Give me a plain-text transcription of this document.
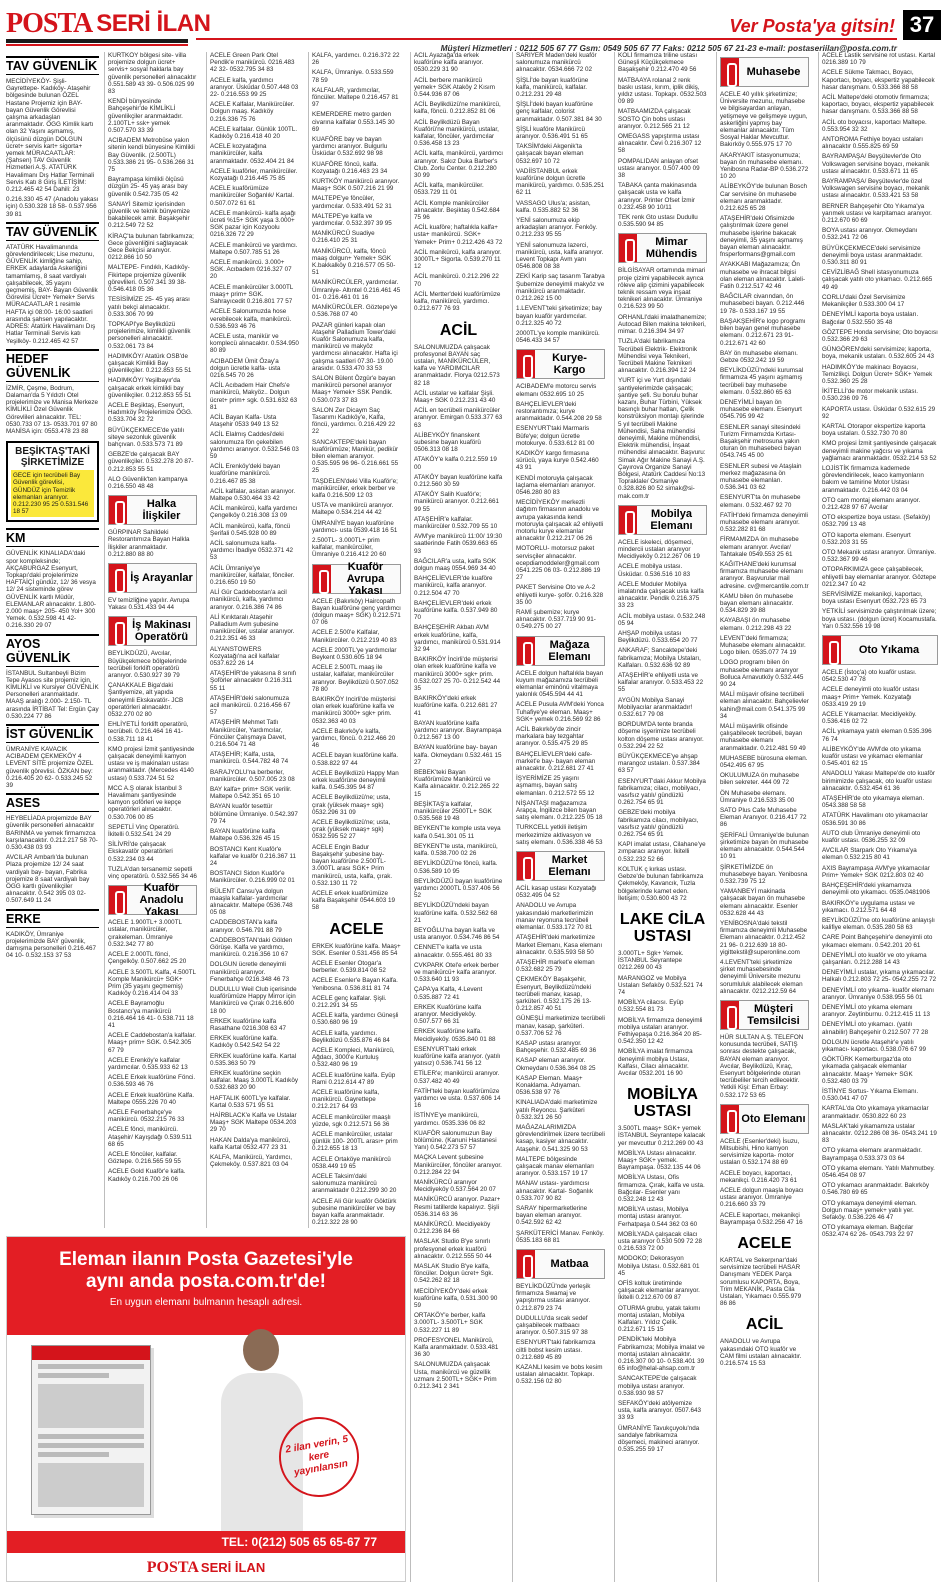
POSTA SERİ İLAN	Ver Posta'ya gitsin! 37
Müşteri Hizmetleri : 0212 505 67 77 Gsm: 0549 505 67 77 Faks: 0212 505 67 21-23 e-mail: postaseriilan@posta.com.tr
TAV GÜVENLİK
MECİDİYEKÖY- Şişli- Gayrettepe- Kadıköy- Ataşehir bölgesinde bulunan ÖZEL Hastane Projemiz için BAY- bayan Güvenlik Görevlisi çalışma arkadaşları aranmaktadır. ÖGG Kimlik kartı olan 32 Yaşını aşmamış, ölçüsünü düzgün DOLGUN ücret+ servis kart+ sigorta+ yemek MÜRACAATLAR: (Şahsen) TAV Güvenlik Hizmetleri A.Ş. ATATÜRK Havalimanı Dış Hatlar Terminali Servis Katı 8 Giriş İLETİŞİM: 0.212.465 42 54 Dahili: 23
0.216.330 45 47 (Anadolu yakası için) 0.530.328 18 58- 0.537.956 39 81
TAV GÜVENLİK
ATATÜRK Havalimanında görevlendirilecek; Lise mezunu, GÜVENLİK kimliğine sahip, ERKEK adaylarda Askerliğini tamamlamış, 8 saat vardiyalı çalışabilecek, 35 yaşını geçmemiş, BAY- Bayan Güvenlik Görevlisi Ücret+ Yemek+ Servis MÜRACAATLAR 1 resimle HAFTA içi 08:00- 16:00 saatleri arasında şahsen yapılacaktır. ADRES: Atatürk Havalimanı Dış Hatlar Terminali Servis katı Yeşilköy- 0.212.465 42 57
HEDEF GÜVENLİK
İZMİR, Çeşme, Bodrum, Dalaman'da 5 Yıldızlı Otel projelerimize ve Manisa Merkeze KİMLİKLİ Özel Güvenlik Görevlileri alınacaktır. TEL: 0530.733 07 13- 0533.701 97 80 MANİSA için: 0553.478 23 88
BEŞİKTAŞ'TAKİ ŞİRKETİMİZE
GECE için tecrübeli Bay Güvenlik görevlisi, GÜNDÜZ için Temizlik elemanları aranıyor. 0.212.230 95 25 0.531.546 18 57
KM
GÜVENLİK KINALIADA'daki spor kompleksinde; AKÇABURGAZ Esenyurt, Topkapı'daki projelerimize HAFTAİÇİ gündüz, 12/ 36 vesya 12/ 24 sisteminde görev GÜVENLİK kartlı Müdür, ELEMANLAR alınacaktır. 1.800- 2.000 maaş+ 205- 450 Yol+ 300 Yemek. 0.532.598 41 42- 0.216.330 29 07
AYOS GÜVENLİK
İSTANBUL Sultanbeyli Bizim Tepe Ayasos site projemiz için, KİMLİKLİ ve Kursiyer GÜVENLİK Personelleri aranmaktadır. MAAŞ aralığı 2.000- 2.150- TL arasında İRTİBAT Tel: Ergün Çay 0.530.224 77 86
İST GÜVENLİK
ÜMRANİYE KAVACIK ACIBADEM ÇEKMEKÖY 4 LEVENT SİTE projemize ÖZEL güvenlik görevlisi. ÖZKAN bey: 0.216.405 20 62- 0.533.245 52 39
ASES
HEYBELİADA projemizde BAY güvenlik personelleri alınacaktır BARINMA ve yemek firmamızca karşılanacaktır. 0.212.217 58 70- 0.530.438 03 93
AVCILAR Ambarlı'da bulunan Plaza projemize 12/ 24 saat vardiyalı bay- bayan, Fabrika projemize 8 saat vardiyalı bay ÖGG kartlı güvenlikçiler alınacaktır. 0.542 395 03 02- 0.507.649 11 24
ERKE
KADIKÖY, Ümraniye projelerimizde BAY güvenlik, damışma personelleri 0.216.467 04 10- 0.532.153 37 53
KURTKÖY bölgesi site- villa projemize dolgun ücret+ servis+ sosyal haklarla bay güvenlik personelleri alınacaktır 0.551.589 43 39- 0.506.025 99 83
KENDİ bünyesinde Bahçeşehir'de KİMLİKLİ güvenlikçiler aranmaktadır. 2.100TL+ ssk+ yemek 0.507.570 33 39
ACIBADEM Metrobüse yakın sitenin kendi bünyesine Kimlikli Bay Güvenlik. (2.500TL) 0.533.386 21 95- 0.536.266 31 75
Bayrampaşa kimlikli ölçüsü düzgün 25- 45 yaş arası bay güvenlik 0.542.735 05 42
SANAYİ Sitemiz içerisinden güvenlik ve teknik bünyemize bakabilecek amir. Başakşehir 0.212.549 72 52
KİRAÇ'ta bulunan fabrikamıza; Gece güvenliğini sağlayacak Gece Bekçisi aranıyor. 0212.866 10 50
MALTEPE- Fındıklı, Kadıköy- Fikirtepe projemize güvenlik görevlileri. 0.507.341 39 38- 0.546.418 05 36
TESİSİMİZE 25- 45 yaş arası yatılı bekçi alınacaktır. 0.533.306 70 99
TOPKAPI'ye Beylikdüzü projelerimize, kimlikli güvenlik personelleri alınacaktır. 0.532.061 73 84
HADIMKÖY/ Atatürk OSB'de çalışacak Kimlikli Bay güvenlikçiler. 0.212.853 55 51
HADIMKÖY/ Yeşilbayır'da çalışacak erkek kimlikli bay güvenlikçiler. 0.212.853 55 51
ACELE Beşiktaş, Esenyurt, Hadımköy Projelerimize ÖGG. 0.533.704 32 72
BÜYÜKÇEKMECE'de yatılı siteye sezonluk güvenlik bahçıvan. 0.533.573 71 89
GEBZE'de çalışacak BAY güvenlikçiler. 0.532.278 20 87- 0.212.853 55 51
ALO Güvenlik'ten kampanya 0.216.550 48 48
Halka İlişkiler
GÜRPINAR Sahildeki Restorantımıza Bayan Halkla İlişkiler aranmaktadır. 0.212.880 88 80
İş Arayanlar
EV temizliğine yapılır. Avrupa Yakası 0.531.433 94 44
İş Makinası Operatörü
BEYLİKDÜZÜ, Avcılar, Büyükçekmece bölgelerinde tecrübeli forklift operatörü aranıyor. 0.530.927 39 79
ÇANAKKALE Biga'daki Şantiyemize, alt yapıda deneyimli Ekskavatör- JCB operatörleri alınacaktır. 0532.270 02 80
EHLİYETLİ forklift operatörü, tecrübeli. 0.216.464 16 41- 0.538.711 18 41
KMO projesi İzmit şantiyesinde çalışacak deneyimli kamyon ustası ve iş makinaları ustası aranmaktadır. (Mercedes 4140 ustası) 0.533.724 51 52
MCC A.Ş olarak İstanbul 3 Havalimanı şantiyesinde kamyon şoförleri ve kepçe operatörleri alınacaktır. 0.530.706 00 85
SEPETLİ Vinç Operatörü. İkitelli 0.532.541 24 29
SİLİVRİ'de çalışacak Ekskavatör operatörleri 0.532.234 03 44
TUZLA'dan tersanemiz sepetli vinç operatörü. 0.532.565 34 46
Kuaför Anadolu Yakası
ACELE 1.900TL+ 3.000TL ustalar, manikürcüler, çırakeleman. Ümraniye 0.532.342 77 80
ACELE 2.000TL fönci, Çengelköy. 0.507.662 25 20
ACELE 3.500TL Kalfa, 4.500TL Komple Manikürcü+ SGK+ Prim (35 yaşını geçmemiş) Kadıköy 0.216.414 04 33
ACELE Bayramoğlu Bostancı'ya manikürcü 0.216.464 16 41- 0.538.711 18 41
ACELE Caddebostan'a kalfalar. Maaş+ prim+ SGK. 0.542.305 67 79
ACELE Erenköy'e kalfalar yardımcılar. 0.535.933 62 13
ACELE Erkek kuaförüne Fönci. 0.536.593 46 76
ACELE Erkek kuaförüne Kalfa. Maltepe 0555.226 70 40
ACELE Fenerbahçe'ye manikürcü. 0532.215 76 33
ACELE fönci, manikürcü. Ataşehir/ Kayışdağı 0.539.511 68 65
ACELE föncüler, kalfalar. Göztepe. 0.216.565 59 55
ACELE Gold Kuaför'e kalfa. Kadıköy 0.216.700 26 06
ACELE Green Park Otel Pendik'e manikürcü. 0216.483 42 32- 0532.795 34 83
ACELE kalfa, yardımcı aranıyor. Üsküdar 0.507.448 03 22- 0.216.553 99 25
ACELE Kalfalar, Manikürcüler. Dolgun maaş. Kadıköy 0.216.336 75 76
ACELE kalfalar. Günlük 100TL. Kadıköy 0.216.418 40 20
ACELE kozyatağına manikürcüler, kalfa aranmaktadır. 0532.404 21 84
ACELE kuaförler, manikürcüler. Kozyatağı 0.216.445 75 85
ACELE kuaförümüze manikürcüler Soğanlık/ Kartal. 0.507.072 61 61
ACELE manikürcü- kalfa aşağı ücreti %15+ SGK yaşa 3.000+ SGK pazar için Kozyoolu 0216.326 72 29
ACELE manikürcü ve yardımcı. Maltepe 0.507.785 51 26
ACELE manikürcü. 3.000+ SGK. Acıbadem 0216.327 07 20
ACELE manikürcüler 3.000TL maaş+ prim+ SGK. Sahrayıcedit 0.216.801 77 57
ACELE Salonumuzda hose verebilecek kalfa, manikürcü. 0.536.593 46 76
ACELE usta, manikür ve komplecü alınacaktır. 0.534.950 80 89
ACIBADEM Ümit Özay'a dolgun ücretle kalfa- usta 0216.545 70 26
ACİL Acıbadem Hair Chefs'e manikürcü, Makyöz.. Dolgun ücret+ prim+ sgk. 0.531.632 63 81
ACİL Bayan Kalfa- Usta Ataşehir 0533 949 13 52
ACİL Elalmış Caddesi'deki salonumuza fön çekebilen yardımcı aranıyor. 0.532.546 03 59
ACİL Erenköy'deki bayan kuaförüne manikürcü. 0.216.467 85 38
ACİL kalfalar, asistan aranıyor. Maltepe 0.530.464 33 42
ACİL manikürcü, kalfa yardımcı Çengelköy 0.216.308 13 09
ACİL manikürcü, kalfa, föncü Şerifali 0.545.928 00 89
ACİL salonumuza kalfa- yardımcı İbadiye 0532.371 42 53
ACİL Ümraniye'ye manikürcüler, kalfalar, fönciler. 0.216.650 19 50
ALİ Gür Caddebostan'a acil manikürcü, kalfa, yardımcı aranıyor. 0.216.386 74 86
ALİ Kırıktaralı Ataşehir Palladium Avm şubesine manikürcüler, ustalar aranıyor. 0.212.351 46 33
ALYANSTOWERS Kozyatağı'na acil kalfalar 0537.622 26 14
ATAŞEHİR'de yakasına 8 sınıfı Şoförler alınacaktır 0.216.311 55 11
ATAŞEHİR'deki salonumuza acil manikürcü. 0.216.456 67 57
ATAŞEHİR Mehmet Tatlı Manikürcüler, Yardımcılar, Föncüler Çalışmaya Davet, 0.216.504 71 48
ATAŞEHİR; Kalfa, usta, manikürcü. 0.544.782 48 74
BARAJYOLU'na berberler, manikürcüler. 0.507.005 23 08
BAY kalfa+ prim+ SGK verilir. Maltepe 0.542.351 65 10
BAYAN kuaför tesettür bölümüne Ümraniye. 0.542.397 79 74
BAYAN kuaförüne kalfa Maltepe 0.536.326 45 15
BOSTANCI Kent Kuaför'e kalfalar ve kuaför 0.216.367 11 24
BOSTANCI Sidon Kuaför'e Manikürcüler. 0.216.999 02 01
BÜLENT Cansu'ya dolgun maaşla kalfalar- yardımcılar alınacaktır. Maltepe 0536.748 05 08
CADDEBOSTAN'a kalfa aranıyor. 0.546.791 88 79
CADDEBOSTAN'daki Gölden Görüşe. Kalfa ve yardımcı, manikürcü. 0.216.356 10 67
DOLGUN ücretle deneyimli manikürcü aranıyor. Fenerbahçe 0216.348 46 73
DUDULLU Weil Club içerisinde kuaförümüze Happy Mirror için Manikürcü ve Çırak 0.216.600 18 00
ERKEK kuaförüne kalfa Rasathane 0216.308 63 47
ERKEK kuaförüne kalfa. Kadıköy 0.542.542 54 22
ERKEK kuaförüne kalfa. Kartal 0.535.363 50 79
ERKEK kuaförüne seçkin kalfalar. Maaş 3.000TL Kadıköy 0.532.683 20 90
HAFTALIK 600TL'ye kalfalar. Kartal 0.533 571 95 51
HAİRBLACK'e Kalfa ve Ustalar Maaş+ SGK Maltepe 0534.203 29 70
HAKAN Dalda'ya manikürcü, kalfa Kartal 0532.477 23 31
KALFA, Manikürcü, Yardımcı, Çekmeköy. 0.537.821 03 04
KALFA, yardımcı. 0.216.372 22 26
KALFA, Ümraniye. 0.533.559 78 59
KALFALAR, yardımcılar, föncüler. Maltepe 0.216.457 81 97
KEMERDERE metro garden civarına kalfalar 0.553.145 30 69
KUAFÖRE bay ve bayan yardımcı aranıyor. Bulgurlu Üsküdar 0.532.692 98 98
KUAFÖRE föncü, kalfa. Kozyatağı 0.216.463 23 34
KURTKÖY manikürcü aranıyor. Maaş+ SGK 0.507.216 21 99
MALTEPE'ye föncüler, yardımcılar. 0.533.491 52 31
MALTEPE'ye kalfa ve yardımcılar. 0.532.397 39 95
MANİKÜRCÜ Suadiye 0.216.410 25 31
MANİKÜRCÜ, kalfa, föncü maaş dolgun+ Yemek+ SGK K.bakkalköy 0.216.577 05 50- 51
MANİKÜRCÜLER, yardımcılar. Ümraniye- Altıntel 0.216.461 45 01- 0.216.461 01 16
MANİKÜRCÜLER. Göztepe'ye 0.536.768 07 40
PAZAR günleri kapalı olan Ataşehir Palladium Tower'daki Kuaför Salonumuza kalfa, manikürcü ve makyöz yardımcısı alınacaktır. Hafta içi çalışma saatleri 07.30- 19.00 arasıdır. 0.533.470 33 53
SALON Bülent Özgür'e bayan manikürcü personel aranıyor Maaş+ Yemek+ SSK Pendik. 0.530.073 37 83
SALON Zer Dicaym Saç Tasarımı Kadıköy'e, Kalfa, föncü, yardımcı. 0.216.429 22 22
SANCAKTEPE'deki bayan kuaförümüze; Manikür, pedikür bilen eleman aranıyor. 0.535.595 96 96- 0.216.661 55 25
TAŞDELEN'deki Villa Kuaför'e; manikürcüler, erkek berber ve kalfa 0.216.509 12 03
USTA ve manikürcü aranıyor. Maltepe 0.534.214 44 42
ÜMRANİYE bayan kuaförüne yardımcı- usta 0539.418 16 51
2.500TL- 3.000TL+ prim kalfalar, manikürcüler, Ümraniye 0.216.412 20 60
Kuaför Avrupa Yakası
ACELE (Bakırköy) Haircopath Bayan kuaförüne genç yardımcı (dolgun maaş+ SGK) 0.212.571 07 06
ACELE 2.500'e Kalfalar, Manikürcüler. 0.212.219 40 83
ACELE 2000TL'ye yardımcılar Beykent 0.530.605 18 94
ACELE 2.500TL maaş ile ustalar, kalfalar, manikürcüler aranıyor. Beylikdüzü 0.507.052 78 80
BAKIRKÖY Incirli'de müşterisi olan erkek kuaförüne kalfa ve manikürcü 3000+ sgk+ prim. 0532.363 40 03
ACELE Bakırköy'e kalfa, yardımcı, föncü. 0.212.466 20 46
ACELE bayan kuaförüne kalfa. 0.538.822 97 44
ACELE Beylikdüzü Happy Man erkek kuaförüne deneyimli kalfa. 0.545.395 94 87
ACELE Beylikdüzü'ne; usta, çırak (yüksek maaş+ sgk) 0532.296 31 09
ACELE Beylikdüzü'ne; usta, çırak (yüksek maaş+ sgk) 0532.595 52 27
ACELE Engin Badur Başakşehir şubesine bay- bayan kuaförüne 2.500TL- 3.000TL arası SGK+ Prim manikürcü, usta, kalfa, çırak. 0.532.130 11 72
ACELE erkek kuaförümüze kalfa Başakşehir 0544.603 19 58
ACELE
ERKEK kuaförüne kalfa. Maaş+ SGK. Esenler 0.531.456 85 54
ACELE Esenler Otogar'a berberler. 0.539.814 08 52
ACELE Esenler'e Bayan Kalfa. Yenibosna. 0.536.811 81 74
ACELE genç kalfalar. Şişli. 0.212.291 34 55
ACELE kalfa, yardımcı Güneşli 0.530.680 96 19
ACELE kalfa, yardımcı. Beylikdüzü 0.535.876 46 84
ACELE Kompleci, Manikürcü, Ağdacı, 3000'e Kurtuluş 0.532.480 96 19
ACELE kuaförüne kalfa. Eyüp Rami 0.212.614 47 89
ACELE kuaförüne kalfa, manikürcü. Gayrettepe 0.212.217 64 93
ACELE manikürcüler maaşlı yüzde, sgk 0.212.571 56 36
ACELE manikürcüler, ustalar günlük 100- 200TL arası+ prim 0.212.655 18 13
ACELE Ortaköye manikürcü 0538.449 19 65
ACELE Taksim'daki salonumuza manikürcü aranmaktadır 0.212.299 30 20
ACELE Ali Gür kuaför Göktürk şubesine manikürcüler ve bay bayan kalfa aranmaktadır. 0.212.322 28 90
ACİL Ayazağa'da erkek kuaförüne kalfa aranıyor. 0530.229 31 90
ACİL berbere manikürcü yemek+ SGK Ataköy 2 Kısım 0.544.936 87 06
ACİL Beylikdüzü'ne manikürcü, kalfa, föncü. 0.212.852 81 06
ACİL Beylikdüzü Bayan Kuaförü'ne manikürcü, ustalar, kalfalar, föncüler, yardımcılar 0.536.458 13 23
ACİL kalfa, manikürcü, yardımcı aranıyor. Sakız Duka Barber's Club. Zorlu Center. 0.212.280 30 99
ACİL kalfa, manikürcüler. 0533.729 11 01
ACİL Komple manikürcüler alınacaktır. Beşiktaş 0.542.684 75 96
ACİL kuaföre; haftalıkla kalfa+ usta+ manikürcü. SGK+ Yemek+ Prim+ 0.212.426 43 72
ACİL manikürcü, kalfa aranıyor. 3000TL+ Sigorta. 0.539.270 11 12
ACİL manikürcü. 0.212.296 22 70
ACİL Mertter'deki kuaförümüze kalfa, manikürcü, yardımcı. 0.212.677 76 93
ACİL
SALONUMUZDA çalışacak profesyonel BAYAN saç ustaları, MANİKÜRCÜLER, kalfa ve YARDIMCILAR aranmaktadır. Florya 0212.573 82 18
ACİL ustalar ve kalfalar Şişli. Maaş+ SGK 0.212.231 43 40
ACİL en tecrübeli manikürcüler aranıyor. Emirgan 0.533.377 63 63
ALİBEYKÖY finanskent subesine bayan kuaförü 0506.313 08 18
ATAKÖY'e kalfa 0.212.559 19 00
ATAKÖY bayan kuaförüne kalfa 0.212.560 30 59
ATAKÖY Salih Kuaför'e; manikürcü aranıyor. 0.212.661 99 55
ATAŞEHİR'e kalfalar. manikürcüler 0.532.709 55 10
AVM'ye manikürcü 11:00/ 19:30 saatlerinde Fatih 0539.663 65 93
BAĞCILAR'a usta, kalfa SGK dolgun maaş 0554.969 34 40
BAHÇELİEVLER'de kuaföre manikürcü, kalfa aranıyor. 0.212.504 47 70
BAHÇELİEVLER'deki erkek kuaförüne kalfa. 0.537.949 80 70
BAHÇEŞEHİR Akbatı AVM erkek kuaförüne, kalfa, yardımcı, manikürcü 0.531.914 32 94
BAKIRKÖY İncirli'de müşterisi olan erkek kuaförüne kalfa ve manikürcü 3000+ sgk+ prim. 0.532.027 25 70- 0.212.542 44 35
BAKIRKÖY'deki erkek kuaförüne kalfa. 0.212.681 27 41
BAYAN kuaförüne kalfa yardımcı aranıyor. Bayrampaşa 0.212.567 13 00
BAYAN kuaförüne bay- bayan kalfa. Okmeydanı 0.532.461 15 27
BEBEK'teki Bayan Kuaförümüze Manikürcü ve Kalfa alınacaktır. 0.212.265 22 15
BEŞİKTAŞ'a kalfalar, manikürcüler 2500TL+ SGK 0.535.568 19 48
BEYKENT'te komple usta veya kalfa 0.541.301 05 11
BEYKENT'te usta, manikürcü, kalfa. 0.538.700 02 26
BEYLİKDÜZÜ'ne föncü, kalfa. 0.536.589 10 95
BEYLİKDÜZÜ bayan kuaförüne yardımcı 2000TL 0.537.406 56 52
BEYLİKDÜZÜ'ndeki bayan kuaförüne kalfa. 0.532.562 68 21
BEYOĞLU'na bayan kalfa ve usta aranıyor. 0.534.746 86 54
CENNET'e kalfa ve usta alınacaktır. 0.555.461 80 33
CVKPARK Otel'e erkek berber ve manikürcü+ kalfa aranıyor. 0.533.640 11 93
ÇAPA'ya Kalfa, 4.Levent 0.535.887 72 41
ERKEK Kuaförüne kalfa aranıyor. Mecidiyeköy. 0.507.577 66 31
ERKEK kuaförüne kalfa. Mecidiyeköy. 0535.840 01 88
ESENYURT'taki erkek kuaförüne kalfa aranıyor. (yatılı yatısız) 0.536.741 56 12
ETİLER'e; manikürcü aranıyor. 0.537.482 40 49
FATİH'teki bayan kuaförümüze yardımcı ve usta. 0.537.606 14 16
İSTİNYE'ye manikürcü, yardımcı. 0535.336 06 82
KUAFÖR salonumuzun Bay bölümüne. (Kanuni Hastanesi Yanı) 0.542.273 57 57
MAÇKA Levent şubesine Manikürcüler, föncüler aranıyor. 0.212.284 22 94
MANİKÜRCÜ aranıyor Mecidiyeköy 0.537.564 20 07
MANİKÜRCÜ aranıyor. Pazar+ Resmi tatillerde kapalıyız. Şişli 0536.314 63 36
MANİKÜRCÜ. Mecidiyeköy 0.212.236 84 66
MASLAK Studio B'ye sınırlı profesyonel erkek kuaförü alınacaktır. 0.212.555 50 44
MASLAK Studio B'ye kalfa, föncüler. Dolgun ücret+ Sgk. 0.542.262 82 18
MECİDİYEKÖY'deki erkek kuaförüne kalfa, 0.531.300 90 59
ORTAKÖY'e berber, kalfa 3.000TL- 3.500TL+ SGK 0.532.227 11 89
PROFESYONEL Manikürcü, Kalfa aranmaktadır. 0.533.481 36 30
SALONUMUZDA çalışacak Usta, manikürcü ve güzellik uzmanı 2.500TL+ SGK+ Prim 0.212.341 2 341
SARIYER Maden'deki kuaför salonumuza manikürcü alınacaktır. 0534.666 72 02
ŞİŞLİ'de bayan kuaförüne kalfa, manikürcü, kalfalar. 0.212.231 29 48
ŞİŞLİ'deki bayan kuaförüne genç kalfalar, colorist aranmaktadır. 0.507.381 84 30
ŞİŞLİ kuaföre Manikürcü aranıyor. 0.536.491 51 65
TAKSİM'deki Akgenik'ta çalışacak bayan eleman 0532.697 10 72
VADİİSTANBUL erkek kuaförüne dolgun ücretle manikürcü, yardımcı. 0.535.251 62 11
VASSAGO Ulus'a; asistan, kalfa. 0.535.882 52 36
YENİ salonumuza ekip arkadaşları aranıyor. Fenköy. 0.212.233 95 55
YENİ salonumuza lazerci, manikürcü, usta, kalfa aranıyor. Levent Topkapı Avm yanı 0546.808 08 38
ZEKİ Karip saç tasarım Tarabya Şubemize deneyimli makyöz ve manikürcü aranmaktadır. 0.212.262 15 00
1.LEVENT'teki şirketimize; bay bayan kuaför yardımcılar. 0.212.325 40 72
2000TL'ye komple manikürcü. 0546.433 34 57
Kurye-Kargo
ACIBADEM'e motorcu servis elemanı 0532.695 10 25
BAHÇELİEVLER'deki restorantımıza; kurye aranmaktadır. 0.544.208 29 58
ESENYURT'taki Marmaris Büfe'ye; dolgun ücretle motokurye. 0.533.612 81 00
KADIKÖY kargo firmasına sürücü, yaya kurye 0.542.460 43 91
KENDİ motoruyla çalışacak laçlama elemanları aranıyor. 0546.280 80 83
MECİDİYEKÖY merkezli dağıtım firmasının anadolu ve avrupa yakasında kendi motoruyla çalışacak a2 ehliyetli motorlu kurye elemanlar alınacaktır 0.212.217 06 26
MOTORLU- motorsuz paket servisçiler alınacaktır. ecepdiamoddeler@gmail.com 0541.225 06 03- 0.212.886 19 27
PAKET Servisine Oto ve A-2 ehliyetli kurye- şoför. 0.216.328 35 00
RAMİ şubemize; kurye alınacaktır. 0.537.719 90 91- 0.549.275 00 27
Mağaza Elemanı
ACELE dolgun haftalıkla bayan kuyum mağazamıza tecrübeli elemanlar eminönü vitalmaya yakınlık 0545.594 44 41
ACELE Pusula AVM'deki Yonca Tuhafiye'ye eleman. Maaş+ SGK+ yemek 0.216.569 92 86
ACİL Bakırköy'de zincir markalara bay tezgahtar aranıyor. 0.535.475 29 85
BAHÇELİEVLER'deki cafe- market'e bay- bayan eleman alınacaktır. 0.212.681 27 41
İŞYERİMİZE 25 yaşını aşmamış, bayan satış elemanları. 0.212.572 55 12
NİŞANTAŞI mağazamıza Arapça, İngilizce bilen bayan satış elemanı. 0.212.225 05 18
TURKCELL yetkili iletişim merkezimize aktivasyon ve satış elemanı. 0.536.338 46 53
Market Elemanı
ACİL kasap ustası Kozyatağı 0532.495 04 52
ANADOLU ve Avrupa yakasındaki marketlerimizin manav reyonuna tecrübeli elemanlar. 0.533.172 70 81
ATAŞEHİR'deki marketimize Market Elemanı, Kasa elemanı alınacaktır. 0.535.593 58 50
ATAŞEHİR market'e eleman 0.532.682 25 79
ÇEKMEKÖY Başakşehir, Esenyurt, Beylikdüzü'ndeki tecrübeli manav, kasap, şarküteri. 0.532.175 26 13- 0.212.857 40 51
GÜNEŞLİ marketimize tecrübeli manav, kasap, şarküteri. 0.537.706 52 76
KASAP ustası aranıyor. Bahçeşehir. 0.532.485 69 36
KASAP eleman aranıyor. Okmeydanı 0.536.364 08 25
KASAP Eleman. Maaş+ Konaklama. Adıyaman. 0536.538 97 76
KINALIADA'daki marketimize yatılı Reyoncu. Şarküteri 0.532.321 26 50
MAĞAZALARIMIZDA görevlendirilmek üzere tecrübeli kasap, kasiyer alınacaktır. Ataşehir. 0.541.325 90 53
MALTEPE bölgesinde çalışacak manav elemanları aranıyor. 0.533.157 19 17
MANAV ustası- yardımcısı alınacaktır. Kartal- Soğanlık 0.533.707 90 82
SARAY hipermarketlerine bayan eleman aranıyor. 0.542.592 62 42
ŞARKÜTERİCİ Manav. Fenköy. 0535.183 68 81
Matbaa
BEYLİKDÜZÜ'nde yerleşik firmamıza Swamaj ve yapıştırma ustası aranıyor. 0.212.879 23 74
DUDULLU'da sıcak sedef çalışabilecek matbaacı aranıyor. 0.507.315 97 38
ESENYURT'taki fabrikamıza ciltli bobst kesim ustası. 0.212.689 45 89
KAZANLI kesim ve bobs kesim ustaları alınacaktır. Topkapı. 0.532.156 02 80
KOLİ firmamıza triline ustası Güneşli Küçükçekmece Başakşehir 0.212.470 49 56
MATBAAYA rolanal 2 renk baskı ustası, kırım, iplik dikiş, yıldız ustası. Topkapı. 0532.503 09 89
MATBAAMIZDA çalışacak SOSTO Çin bobs ustası aranıyor. 0.212.565 21 12
OMEGASS yapıştırma ustası alınacaktır. Cevi 0.216.307 12 58
POMPALIDAN anlayan ofset ustası aranıyor. 0.507.400 09 38
TABAKA çanta makinasında çalışacak usta ve kalfa aranıyor. Printer Ofset İzmir 0.232.458 90 10/11
TEK renk Gto ustası Dudullu 0.535.590 94 85
Mimar Mühendis
BİLGİSAYAR ortamında mimari proje çizimi yapabilecek ayrıca röleve alip çizimini yapabilecek teknik ressam veya inşaat teknikeri alınacaktır. Ümraniye 0.216.523 99 50
ORHANLI'daki imalathanemize; Autocad Bilen makina teknikeri, mimar. 0.216.394 34 97
TUZLA'daki fabrikamıza Tecrübeli Elektrik- Elektronik Mühendisi veya Teknikeri, Tecrübeli Makine Teknikeri alınacaktır. 0.216.394 12 24
YURT içi ve Yurt dışındaki şantiyelerimizde çalışacak; şantiye şefi. Su borulu buhar kazanı, Buhar Türbini, Yüksek basınçlı buhar hatları, Çelik konstrüksiyon montajı işlerinde 5 yıl tecrübeli Makine Mühendisi, Saha mühendisi deneyimli, Makine mühendisi, Elektrik mühendisi, İnşaat mühendisi alınacaktır. Başvuru: Simak Ağır Makine Sanayi A.Ş. Çayırova Organize Sanayi Bölgesi, Atatürk Caddesi No:13 Topraklale/ Osmaniye 0.328.826 80 52 simak@si-mak.com.tr
Mobilya Elemanı
ACELE iskeleci, döşemeci, mindercii ustaları aranıyor Mecidiyeköy 0.212.267 06 19
ACELE mobilya ustası. Üsküdar. 0.536.516 10 83
ACELE Moduler Mobilya imalatında çalışacak usta kalfa alınacaktır. Pendik 0.216.375 33 23
ACİL mobilya ustası. 0.532.248 05 94
AHŞAP mobilya ustası Beylikdüzü. 0.533.654 20 77
ANKARAF; Sancaktepe'deki fabrikamıza; Mobilya Ustaları, Kalfaları. 0.532.636 92 89
ATAŞEHİR'e ehliyetli usta ve kalfalar aranıyor. 0.533.453 22 55
AYGÜN Mobilya Sanayi Mobilyacılar aranmaktadır! 0.532.617 79 08
BORDUM'DA tente branda döşeme işyerimize tecrübeli kolton döşeme ustası aranıyor. 0.532.294 22 52
BÜYÜKÇEKMECE'ye ahşap marangoz ustaları. 0.537.384 63 57
ESENYURT'daki Akkur Mobilya fabrikamıza; cilacı, mobilyacı, vasıfsız yatılı/ gündüzlü 0.262.754 65 91
GEBZE'deki mobilya fabrikamıza cilacı, mobilyacı, vasıfsız yatılı/ gündüzlü 0.262.754 65 91
KAPI imalat ustası, Cilahane'ye zımparacı aranıyor. İkitelli 0.532.232 52 66
KOLTUK ç kırkas ustası. Gebze'de bulunan fabrikamıza Çekmeköy, Kavancık, Tuzla bölgelerinde kamet eden. İletişim; 0.530.600 43 72
LAKE CİLA USTASI
3.000TL+ Sgk+ Yemek. İSTANBUL Seyrantepe 0212.269 00 43
MARANGOZ ve Mobilya Ustaları Sefaköy 0.532.521 74 74
MOBİLYA cilacısı. Eyüp 0.532.554 81 73
MOBİLYA firmamıza deneyimli mobilya ustaları aranıyor. Fethiyepaşa 0.216.364 20 85- 0.542.350 12 42
MOBİLYA imalat firmamıza deneyimli mobilya Ustası, Kalfası, Cilacı alınacaktır. Avcılar 0532.201 16 90
MOBİLYA USTASI
3.500TL maaş+ SGK+ yemek İSTANBUL Seyrantepe kalacak yer mevcuttur 0.212.269 00 43
MOBİLYA Ustası alınacaktır. Maaş+ SGK+ yemek. Bayrampaşa. 0532.135 44 06
MOBİLYA Ustası, Ofis firmamıza. Çırak, kalfa ve usta. Bağcılar- Esenler yanı 0.532.248 12 43
MOBİLYA ustası, Mobilya montaj ustası aranıyor. Ferhatpaşa 0.544 362 03 60
MOBİLYADA çalışacak cilacı usta aranıyor 0.530 509 72 28 0.216.533 72 00
MODOKO; Dekorasyon Mobilya Ustası. 0.532.681 01 45
OFİS koltuk üretiminde çalışacak elemanlar aranıyor. İkitelli 0.212.670 09 87
OTURMA grubu, yatak takımı montaj ustaları, Mobilya Kalfaları. Yıldız Çelik. 0.212.671 15 15
PENDİK'teki Mobilya Fabrikamıza; Mobilya imalat ve montaj ustaları alınacaktır. 0.216.307 00 10- 0.538.401 39 65 info@helal-ahsap.com.tr
SANCAKTEPE'de çalışacak mobilya ustası aranıyor. 0.538.930 98 57
SEFAKÖY'deki atölyemize usta, kalfa aranıyor. 0507.643 33 93
ÜMRANİYE Tavukçuyolu'nda sandalye fabrikamıza döşemeci, makineci aranıyor. 0.535.255 59 17
Muhasebe
ACELE 40 yıllık şirketimize; Üniversite mezunu, muhasebe ve bilgisayardan anlayan, yetişmeye ve gelişmeye uygun, askerliğini yapmış bay elemanlar alınacaktır. Tüm Sosyal Haklar Mevcuttur. Bakırköy 0.555.975 17 70
AKARYAKIT istasyonumuza; bayan ön muhasebe elemanı. Yenibosna Radar-BP 0.536.272 10 20
ALİBEYKÖY'de bulunan Bosch Car servisine ön muhasebe elemanı aranmaktadır. 0.212.625 65 28
ATAŞEHİR'deki Ofisimizde çalıştırılmak üzere genel muhasebe işlerine bakacak deneyimli, 35 yaşını aşmamış bayan eleman alınacaktır. fnsperformans@gmail.com
AYAKKABI Mağazamıza; Ön muhasebe ve ihracat bilgisi olan eleman alınacaktır. Laleli- Fatih 0.212.517 42 46
BAĞCILAR civarından, ön muhasebeci bayan. 0.212.446 19 78- 0.533.167 19 55
BAŞAKŞEHİR'e logo programı bilen bayan genel muhasebe elemanı. 0.212.671 23 91- 0.212.671 42 60
BAY ön muhasebe elemanı. Gebze 0532.242 19 59
BEYLİKDÜZÜ'ndeki kurumsal firmamıza 45 yaşını aşmamış tecrübeli bay muhasebe elemanı. 0.532.860 65 63
DENEYİMLİ bayan ön muhasebe elemanı. Esenyurt 0545.795 99 42
ESENLER sanayi sitesindeki Turizm Firmamızda Kırtası- Başakşehir metrosuna yakın oturan ön muhasebeci bayan 0543.745 45 00
ESENLER subesi ve Ataşlain merkez mağazasına ön muhasebe elemanları. 0.536.341 03 62
ESENYURT'ta ön muhasebe elemanı. 0.532.467 92 70
FATİH'deki firmamıza deneyimli muhasebe elemanı aranıyor. 0.532.282 81 68
FİRMAMIZDA ön muhasebe elemanı aranıyor. Avcılar/ Tahtakale 0549.553 25 61
KAĞITHANE'deki kurumsal firmamıza muhasebe elemanı aranıyor. Başvurular mail adresine. cv@mercantile.com.tr
KAMU bilen ön muhasebe bayan elemanı alınacaktır. 0.534.829 39 88
KAYABAŞI ön muhasebe elemanı. 0.212.298 43 22
LEVENT'deki firmamıza; Muhasebe elemanı alınacaktır. Logo bilen. 0535.077 74 19
LOGO programı bilen ön muhasebe elemanı aranıyor Bolluca Arnavutköy 0.532.445 90 24
MALİ müşavir ofisine tecrübeli eleman alınacaktır. Bahçelievler kahin@mail.com 0.541.375 99 34
MALİ müşavirlik ofisinde çalışabilecek tecrübeli, bayan muhasebe elemanı aranmaktadır. 0.212.481 59 49
MUHASEBE bürosuna eleman. 0542.495 67 95
OKULUMUZA ön muhasebe bilen sekreter. 444 09 72
ÖN Muhasebe elemanı. Ümraniye 0.216.533 35 00
SATO Plus Cafe Muhasebe Eleman Aranıyor. 0.216.417 72 86
ŞERİFALİ Ümraniye'de bulunan şirketimize bayan ön muhasebe elemanı alınacaktır. 0.544.544 10 91
ŞİRKETİMİZDE ön muhasebeye bayan. Yenibosna 0.532.739 75 12
YAMANBEYİ makinada çalışacak bayan ön muhasebe elemanı alınacaktır. Esenler 0532.628 44 43
YENİBOSNA'daki tekstil firmamıza deneyimli Muhasebe Elemanı alınacaktır. 0.212.452 21 96- 0.212.639 18 80- yigittekstil@superonline.com
4.LEVENT'teki şirketimize şirket muhasebesinde deneyimli Üniversite mezunu sorumluluk alabilecek eleman alınacaktır. 0212.212.59 64
Müşteri Temsilcisi
HÜR SULTAN A.Ş. TELEFON konusunda tecrübeli, SATIŞ sonrası destekte çalışacak, BAYAN eleman aranıyor. Avcılar, Beylikdüzü, Kıraç, Esenyurt bölgelerinde oturan tecrübeliler tercih edilecektir. Yetkili Kişi: Erhan Erbay: 0.532.172 53 65
Oto Elemanı
ACELE (Esenler'deki) İsuzu, Mitsubishi, Hino kamyon servisimize kaporta- motor ustaları 0.532.174 88 69
ACELE boyacı, kaportacı, mekanikçi. 0.216.420 73 61
ACELE dolgun maaşla boyacı ustası aranıyor. Ümraniye 0.216.660 33 79
ACELE kaportacı, mekanikçi Bayrampaşa 0.532.256 47 16
ACELE
KARTAL ve Sekerpınar'daki servisimize tecrübeli HASAR Danışmanı YEDEK Parça sorumlusu KAPORTA, Boya, Trim MEKANİK, Pasta Cila Ustaları, Yıkamacı 0.555.979 86 86
ACİL
ANADOLU ve Avrupa yakasındaki OTO kuaför ve CAM filmi ustaları alınacaktır. 0.216.574 15 53
ACELE Lastik servisine rot ustası. Kartal 0216.389 10 79
ACELE Sükme Takmacı, Boyacı, Kaportacı, boyacı, ekspertiz yapabilecek hasar danışmanı. 0.533.366 88 58
ACİL Maltepe'deki otomotiv firmamıza; kaportacı, boyacı, ekspertiz yapabilecek hasar danışmanı. 0.533.366 88 58
ACİL oto boyacısı, kaportacı Maltepe. 0.553.954 32 32
ANTOROMA Fethiye boyacı ustaları alınacaktır 0.555.825 69 59
BAYRAMPAŞA/ Beyşütevler'de Oto Volkswagen servisine boyacı, mekanik ustası alınacaktır. 0.533.671 11 65
BAYRAMPAŞA/ Beyşütevler'de özel Volkswagen servisine boyacı, mekanik ustası alınacaktır. 0.533.421 53 58
BERNER Bahçeşehir Oto Yıkama'ya yarımek ustası ve karpitamacı aranıyor. 0.212.670 60 69
BOYA ustası aranıyor. Okmeydanı 0.532.241 72 06
BÜYÜKÇEKMECE'deki servisimize deneyimli boya ustası aranmaktadır. 0.530.311 80 91
CEVİZLİBAĞ Shell istasyonumuza çalışacak yatılı oto yıkamacı. 0.212.665 49 49
CORLU'daki Özel Servisimize Mekanikçiler 0.533.300 04 17
DENEYİMLİ kaporta boya ustaları. Bağcılar 0.532.550 35 48
GÖZTEPE Honda servisine; Oto boyacısı 0.532.366 29 63
GÜNGÖREN'deki servisimize; kaporta, boya, mekanik ustaları. 0.532.605 24 43
HADIMKÖY'de makinacı Boyacısı, Temizlikçi. Dolgun Ücret+ SGK+ Yemek 0.532.360 25 28
İKİTELLİ'de motor mekanik ustası. 0.530.236 09 76
KAPORTA ustası. Üsküdar 0.532.615 29 92
KARTAL Otorapor ekspertize kaporta boya ustaları. 0.532.730 70 80
KMO projesi İzmit şantiyesinde çalışacak deneyimli makine yağcısı ve yıkama yağlamacı aranmaktadır. 0532.214 53 52
LOJİSTİK firmamıza kademede görevlendirilecek, leaco kamyonların bakım ve tamirine Motor Ustası aranmaktadır. 0.216.442 03 04
OTO cam montaj elemanı aranıyor. 0.212.428 97 67 Avcılar
OTO ekspertize boya ustası. (Sefaköy) 0532.799 13 48
OTO kaporta elemanı. Esenyurt 0.532.203 31 55
OTO Mekanik ustası aranıyor. Ümraniye. 0.532.367 99 46
OTOPARKIMIZA gece çalışabilecek, ehliyetli bay elemanlar aranıyor. Göztepe 0212.347 10 42
SERVİSİMİZE mekanikçi, kaportacı, boya ustası Esenyurt 0532.723 65 73
YETKİLİ servisimizde çalıştırılmak üzere; boya ustası. (dolgun ücret) Kocamustafa. Yarı 0.532.556 19 98
Oto Yıkama
ACELE (İstoç'a) oto kuaför ustası. 0542.530 47 78
ACELE deneyimli oto kuaför ustası maaş+ Prim+ Yemek. Kozyatağı 0533.419 29 19
ACELE Yıkamacılar. Mecidiyeköy. 0.536.416 02 72
ACİL yıkamaya yatılı eleman 0.535.396 76 74
ALİBEYKÖY'de AVM'de oto yıkama kuaför ustası ve yıkamacı elemanlar 0.545.401 62 15
ANADOLU Yakası Maltepe'de oto kuaför birimimizde çalışacak, oto kuaför ustası alınacaktır. 0.532.454 61 36
ATAŞEHİR'de oto yıkamaya eleman. 0543.388 58 58
ATATÜRK Havalimanı oto yıkamacılar 0536.591 30 86
AUTO club Ümraniye deneyimli oto kuaför ustası. 0536.255 32 09
AVCILAR Starpark Oto Yıkama'ya eleman 0.532.215 80 41
AXIS Bayrampaşa AVM'ye yıkamacılar Prim+ Yemek+ SGK 0212.803 02 40
BAHÇEŞEHİR'deki yıkamamıza deneyimli oto yıkamacı. 0535.0481906
BAKIRKÖY'e uygulama ustası ve yıkamacı. 0.212.571 64 48
BEYLİKDÜZÜ'ne oto kuaförüne anlayışlı kalifiye eleman. 0.535.280 58 63
CARE Point Bahçeşehir'e deneyimli oto yıkamacı elemanı. 0.542.201 20 61
DENEYİMLİ oto kuaför ve oto yıkama çalışanları. 0.212.288 14 43
DENEYİMLİ ustalar, yıkama yıkamacılar. Halkalı 0.212.803 72 25- 0542.255 72 72
DENEYİMLİ oto yıkama- kuaför elemanı aranıyor. Ümraniye 0.538.955 56 01
DENEYİMLİ oto yıkama elemanı aranıyor. Zeytinburnu. 0.212.415 11 13
DENEYİMLİ oto yıkamacı. (yatılı alınabilir) Bahçeşehir 0.212.507 77 28
DOLGUN ücretle Ataşehir'e yatılı yıkamacı- kaportacı. 0.538.076 67 99
GÖKTÜRK Kemerburgaz'da oto yıkamada çalışacak elemanlar alınacaktır. Maaş+ Yemek+ SGK 0.532.480 03 79
İSTİNYE Sortus- Yıkama Elemanı. 0.530.041 47 07
KARTAL'da Oto yıkamaya yıkamacılar aranmaktadır. 0530.822 60 23
MASLAK'taki yıkamamıza ustalar alınacaktır. 0212.286 08 36- 0543.241 19 83
OTO yıkama elemanı aranmaktadır. Bayrampaşa 0.533.373 03 64
OTO yıkama elemanı. Yatılı Mahmutbey. 0546.454 08 97
OTO yıkamacı aranmaktadır. Bakırköy 0.546.780 69 65
OTO yıkamaya deneyimli eleman. Dolgun maaş+ yemek+ yatılı yer. Sefaköy. 0.536.226 46 47
OTO yıkamaya eleman. Bağcılar 0532.474 62 26- 0543.793 22 97
Eleman ilanın Posta Gazetesi'yle
aynı anda posta.com.tr'de!
En uygun elemanı bulmanın hesaplı adresi.
2 ilan verin, 5 kere yayınlansın
TEL: 0(212) 505 65 65-67 77
POSTA SERİ İLAN
